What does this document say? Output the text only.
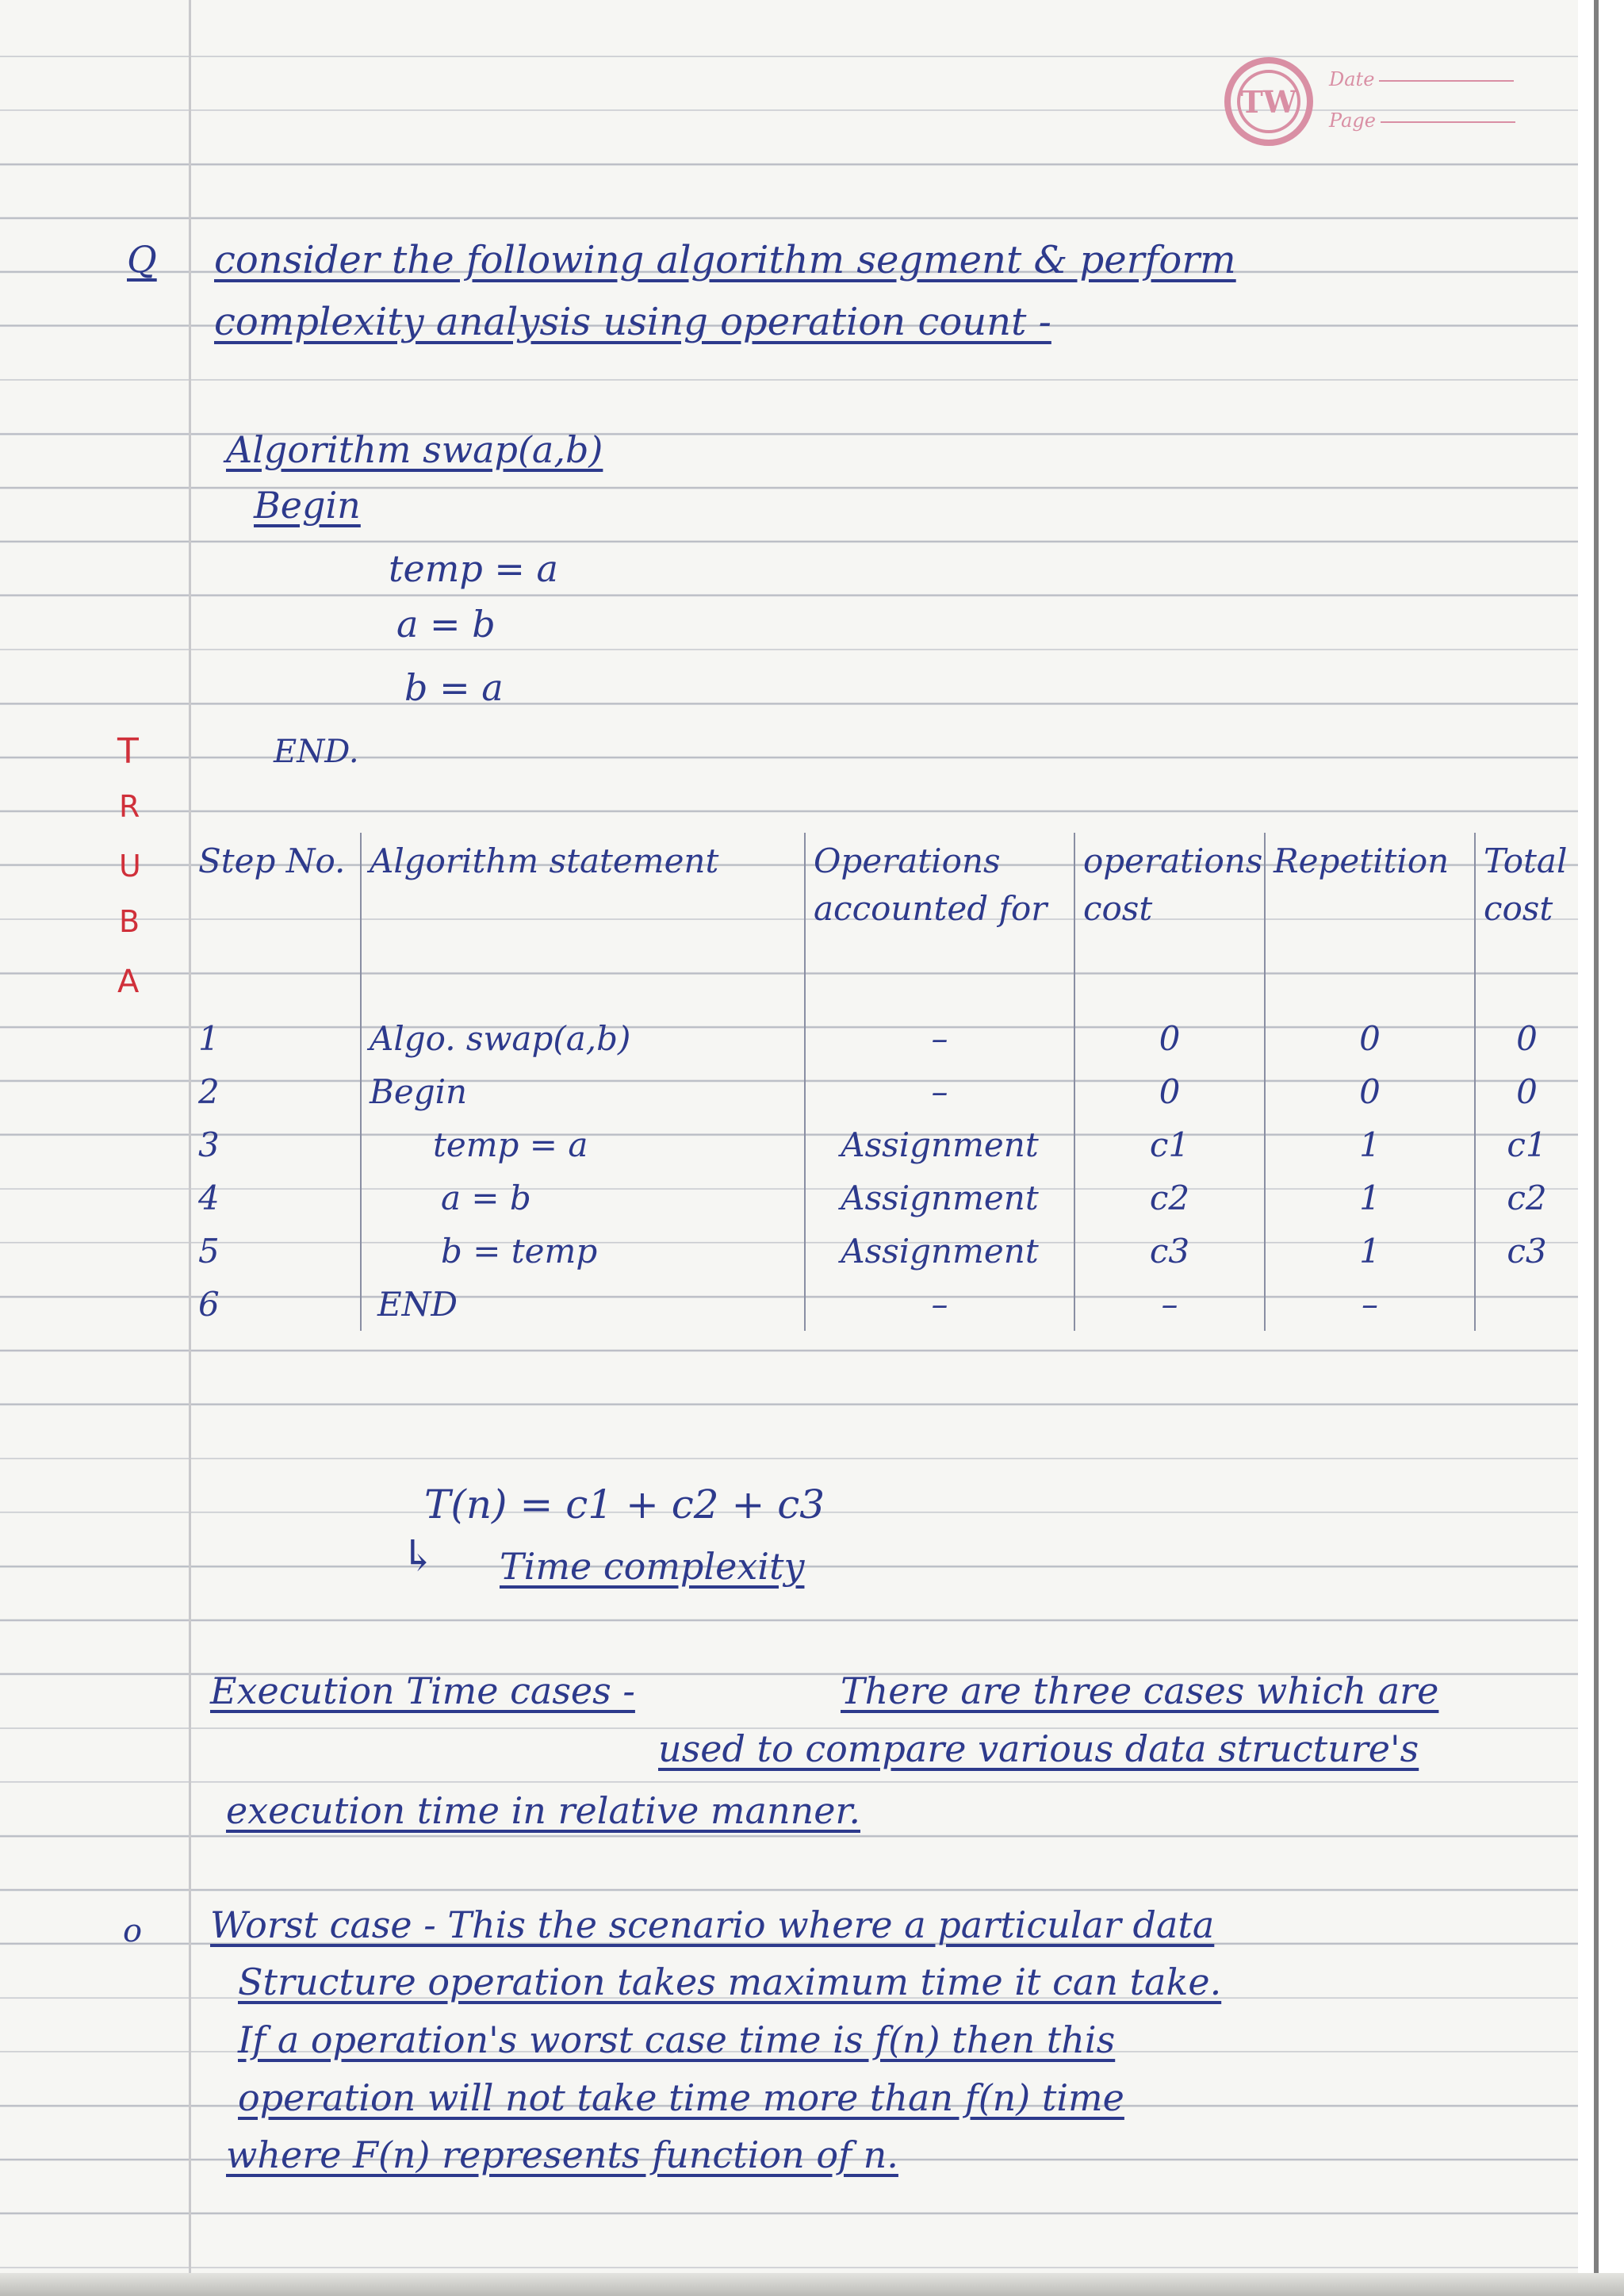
TW
Date
Page
Q consider the following algorithm segment & perform
complexity analysis using operation count -
Algorithm swap(a,b)
Begin
temp = a
a = b
b = a
END.
T
R
U
B
A
Step No.	Algorithm statement	Operations accounted for	operations cost	Repetition	Total cost
1	Algo. swap(a,b)	–	0	0	0
2	Begin	–	0	0	0
3	temp = a	Assignment	c1	1	c1
4	a = b	Assignment	c2	1	c2
5	b = temp	Assignment	c3	1	c3
6	END	–	–	–	
T(n) = c1 + c2 + c3
↳ Time complexity
Execution Time cases -	There are three cases which are
used to compare various data structure's
execution time in relative manner.
o Worst case - This the scenario where a particular data
Structure operation takes maximum time it can take.
If a operation's worst case time is f(n) then this
operation will not take time more than f(n) time
where F(n) represents function of n.
